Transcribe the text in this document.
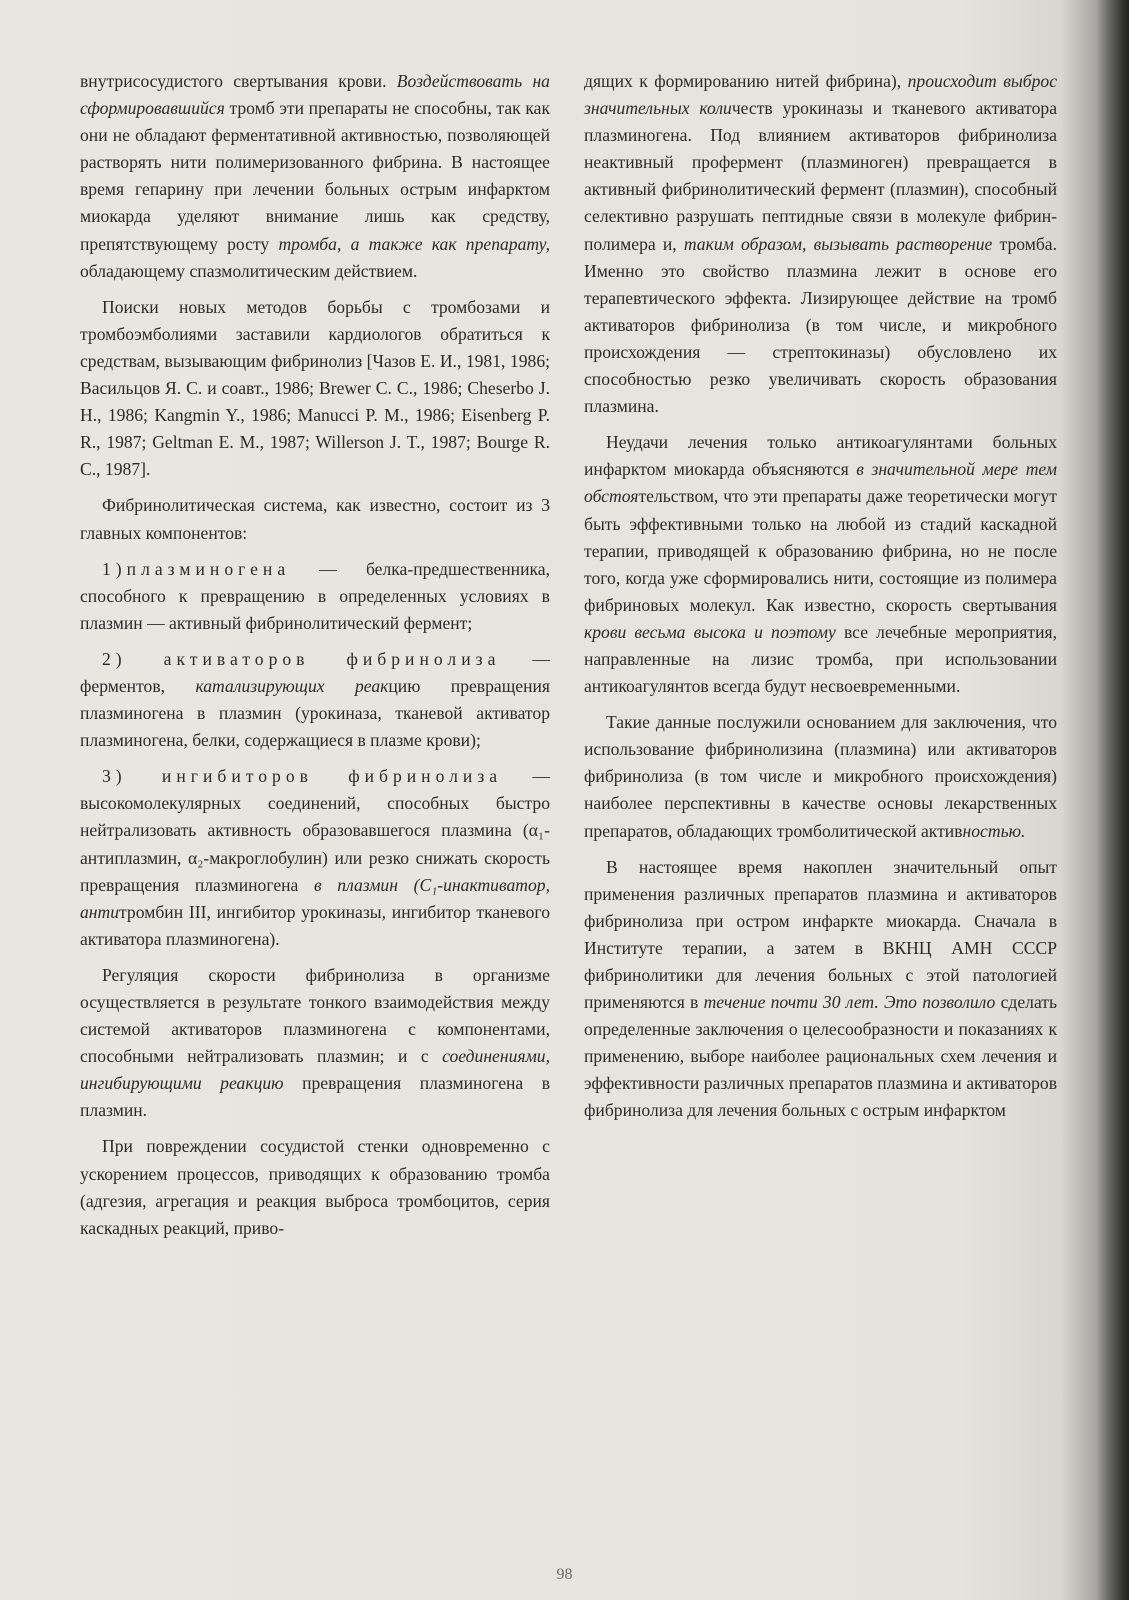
внутрисосудистого свертывания крови. Воздействовать на сформировавшийся тромб эти препараты не способны, так как они не обладают ферментативной активностью, позволяющей растворять нити полимеризованного фибрина. В настоящее время гепарину при лечении больных острым инфарктом миокарда уделяют внимание лишь как средству, препятствующему росту тромба, а также как препарату, обладающему спазмолитическим действием.

Поиски новых методов борьбы с тромбозами и тромбоэмболиями заставили кардиологов обратиться к средствам, вызывающим фибринолиз [Чазов Е. И., 1981, 1986; Васильцов Я. С. и соавт., 1986; Brewer C. C., 1986; Cheserbo J. H., 1986; Kangmin Y., 1986; Manucci P. M., 1986; Eisenberg P. R., 1987; Geltman E. M., 1987; Willerson J. T., 1987; Bourge R. C., 1987].

Фибринолитическая система, как известно, состоит из 3 главных компонентов:

1)плазминогена — белка-предшественника, способного к превращению в определенных условиях в плазмин — активный фибринолитический фермент;

2) активаторов фибринолиза — ферментов, катализирующих реакцию превращения плазминогена в плазмин (урокиназа, тканевой активатор плазминогена, белки, содержащиеся в плазме крови);

3) ингибиторов фибринолиза — высокомолекулярных соединений, способных быстро нейтрализовать активность образовавшегося плазмина (α₁-антиплазмин, α₂-макроглобулин) или резко снижать скорость превращения плазминогена в плазмин (C₁-инактиватор, антитромбин III, ингибитор урокиназы, ингибитор тканевого активатора плазминогена).

Регуляция скорости фибринолиза в организме осуществляется в результате тонкого взаимодействия между системой активаторов плазминогена с компонентами, способными нейтрализовать плазмин; и с соединениями, ингибирующими реакцию превращения плазминогена в плазмин.

При повреждении сосудистой стенки одновременно с ускорением процессов, приводящих к образованию тромба (адгезия, агрегация и реакция выброса тромбоцитов, серия каскадных реакций, приво-

дящих к формированию нитей фибрина), происходит выброс значительных количеств урокиназы и тканевого активатора плазминогена. Под влиянием активаторов фибринолиза неактивный профермент (плазминоген) превращается в активный фибринолитический фермент (плазмин), способный селективно разрушать пептидные связи в молекуле фибрин-полимера и, таким образом, вызывать растворение тромба. Именно это свойство плазмина лежит в основе его терапевтического эффекта. Лизирующее действие на тромб активаторов фибринолиза (в том числе, и микробного происхождения — стрептокиназы) обусловлено их способностью резко увеличивать скорость образования плазмина.

Неудачи лечения только антикоагулянтами больных инфарктом миокарда объясняются в значительной мере тем обстоятельством, что эти препараты даже теоретически могут быть эффективными только на любой из стадий каскадной терапии, приводящей к образованию фибрина, но не после того, когда уже сформировались нити, состоящие из полимера фибриновых молекул. Как известно, скорость свертывания крови весьма высока и поэтому все лечебные мероприятия, направленные на лизис тромба, при использовании антикоагулянтов всегда будут несвоевременными.

Такие данные послужили основанием для заключения, что использование фибринолизина (плазмина) или активаторов фибринолиза (в том числе и микробного происхождения) наиболее перспективны в качестве основы лекарственных препаратов, обладающих тромболитической активностью.

В настоящее время накоплен значительный опыт применения различных препаратов плазмина и активаторов фибринолиза при остром инфаркте миокарда. Сначала в Институте терапии, а затем в ВКНЦ АМН СССР фибринолитики для лечения больных с этой патологией применяются в течение почти 30 лет. Это позволило сделать определенные заключения о целесообразности и показаниях к применению, выборе наиболее рациональных схем лечения и эффективности различных препаратов плазмина и активаторов фибринолиза для лечения больных с острым инфарктом

98
